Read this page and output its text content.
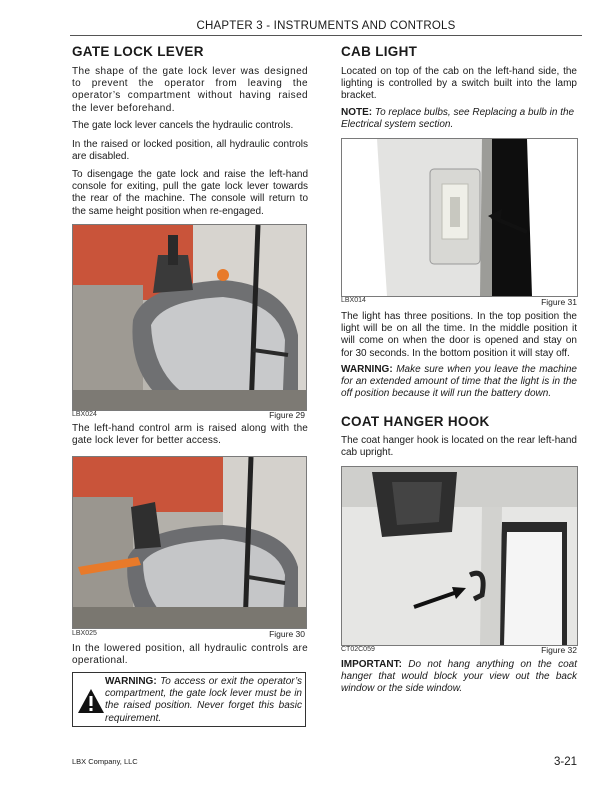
CHAPTER 3 - INSTRUMENTS AND CONTROLS
GATE LOCK LEVER

The shape of the gate lock lever was designed to prevent the operator from leaving the operator’s compartment without having raised the lever beforehand.

The gate lock lever cancels the hydraulic controls.

In the raised or locked position, all hydraulic controls are disabled.

To disengage the gate lock and raise the left-hand console for exiting, pull the gate lock lever towards the rear of the machine. The console will return to the same height position when re-engaged.

LBX024	Figure 29

The left-hand control arm is raised along with the gate lock lever for better access.

LBX025	Figure 30

In the lowered position, all hydraulic controls are operational.

WARNING: To access or exit the operator’s compartment, the gate lock lever must be in the raised position. Never forget this basic requirement.

CAB LIGHT

Located on top of the cab on the left-hand side, the lighting is controlled by a switch built into the lamp bracket.

NOTE: To replace bulbs, see Replacing a bulb in the Electrical system section.

LBX014	Figure 31

The light has three positions. In the top position the light will be on all the time. In the middle position it will come on when the door is opened and stay on for 30 seconds. In the bottom position it will stay off.

WARNING: Make sure when you leave the machine for an extended amount of time that the light is in the off position because it will run the battery down.

COAT HANGER HOOK

The coat hanger hook is located on the rear left-hand cab upright.

CT02C059	Figure 32

IMPORTANT: Do not hang anything on the coat hanger that would block your view out the back window or the side window.

LBX Company, LLC	3-21
